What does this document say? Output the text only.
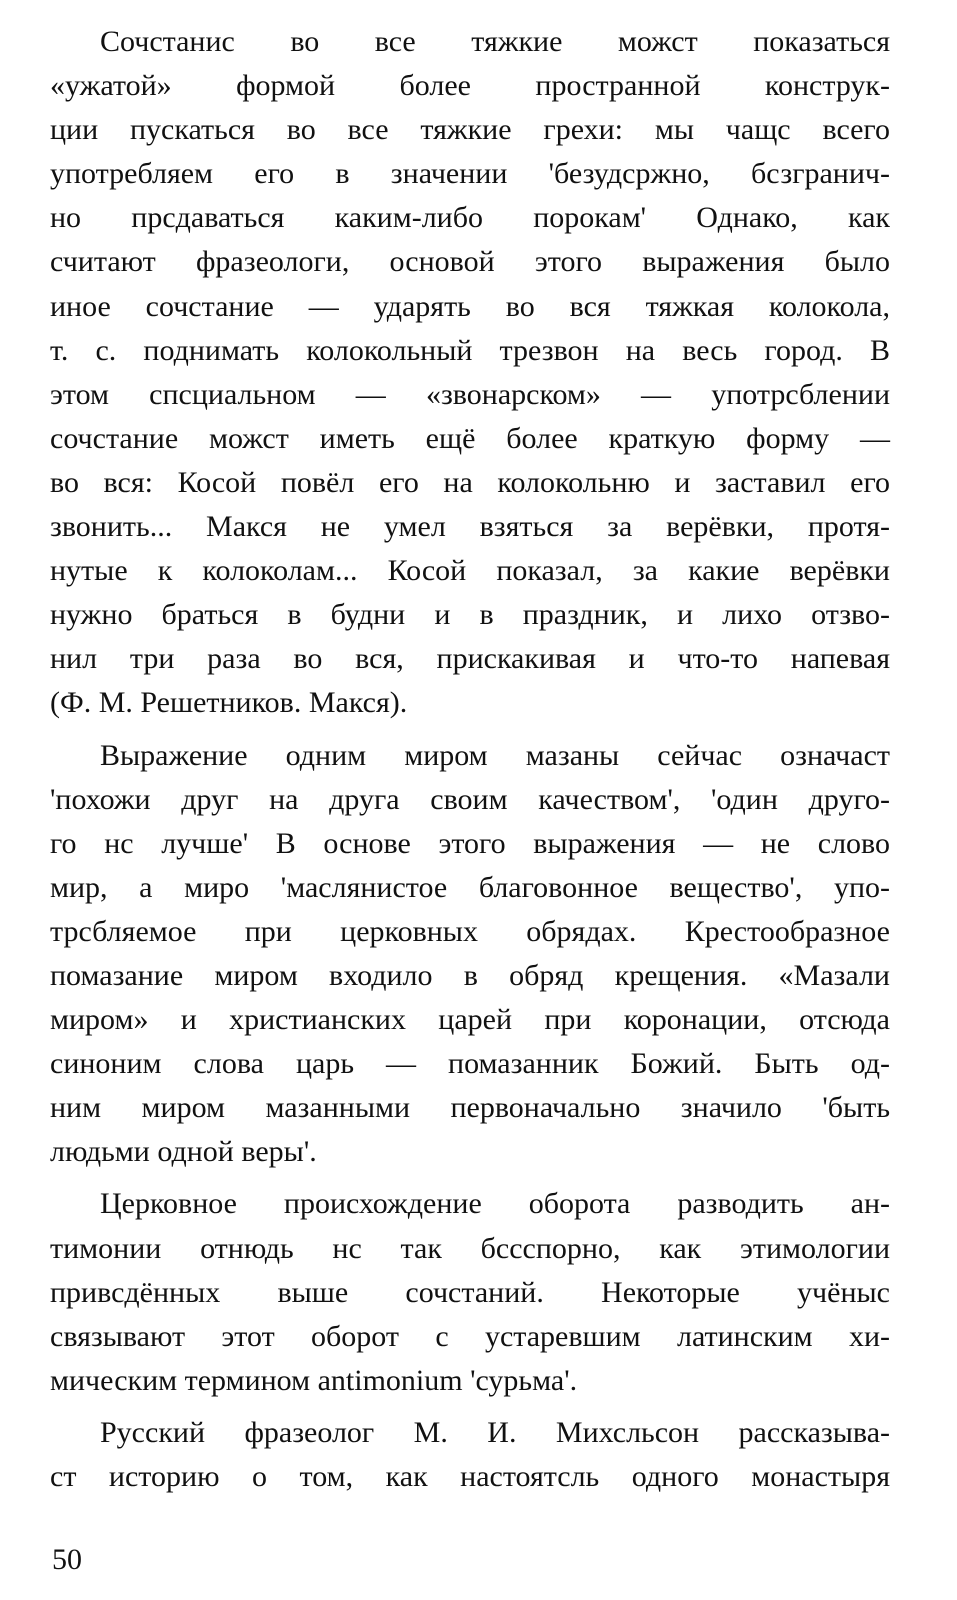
Сочстанис во все тяжкие можст показаться
«ужатой» формой более пространной конструк-
ции пускаться во все тяжкие грехи: мы чащс всего
употребляем его в значении 'безудсржно, бсзгранич-
но прсдаваться каким-либо порокам' Однако, как
считают фразеологи, основой этого выражения было
иное сочстание — ударять во вся тяжкая колокола,
т. с. поднимать колокольный трезвон на весь город. В
этом спсциальном — «звонарском» — употрсблении
сочстание можст иметь ещё более краткую форму —
во вся: Косой повёл его на колокольню и заставил его
звонить... Макся не умел взяться за верёвки, протя-
нутые к колоколам... Косой показал, за какие верёвки
нужно браться в будни и в праздник, и лихо отзво-
нил три раза во вся, прискакивая и что-то напевая
(Ф. М. Решетников. Макся).
Выражение одним миром мазаны сейчас означаст
'похожи друг на друга своим качеством', 'один друго-
го нс лучше' В основе этого выражения — не слово
мир, а миро 'маслянистое благовонное вещество', упо-
трсбляемое при церковных обрядах. Крестообразное
помазание миром входило в обряд крещения. «Мазали
миром» и христианских царей при коронации, отсюда
синоним слова царь — помазанник Божий. Быть од-
ним миром мазанными первоначально значило 'быть
людьми одной веры'.
Церковное происхождение оборота разводить ан-
тимонии отнюдь нс так бссспорно, как этимологии
привсдённых выше сочстаний. Некоторые учёныс
связывают этот оборот с устаревшим латинским хи-
мическим термином antimonium 'сурьма'.
Русский фразеолог М. И. Михсльсон рассказыва-
ст историю о том, как настоятсль одного монастыря
50
